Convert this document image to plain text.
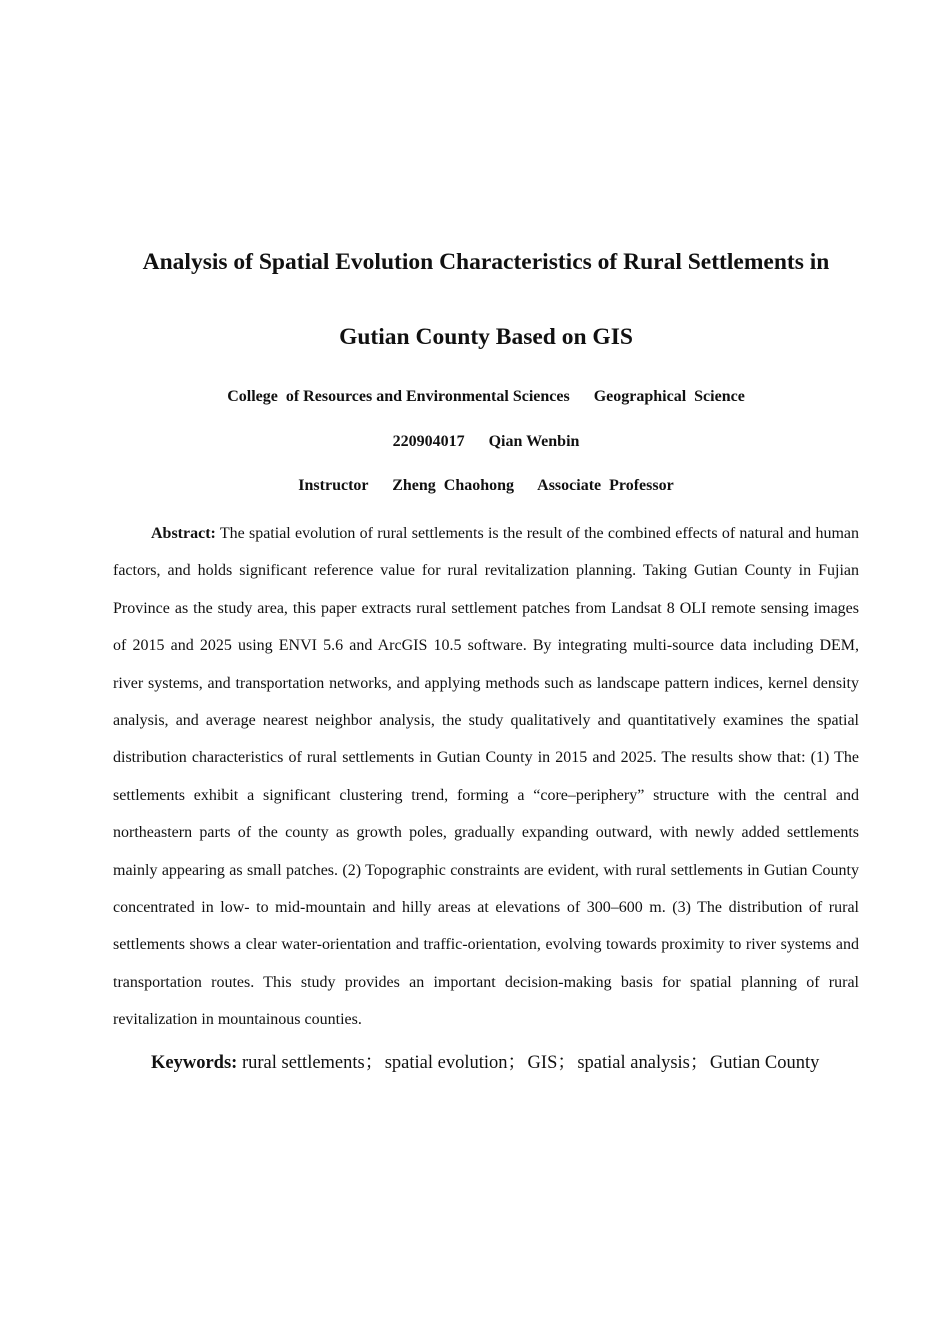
Analysis of Spatial Evolution Characteristics of Rural Settlements in
Gutian County Based on GIS
College  of Resources and Environmental Sciences      Geographical  Science
220904017      Qian Wenbin
Instructor      Zheng  Chaohong      Associate  Professor

Abstract: The spatial evolution of rural settlements is the result of the combined effects of natural and human factors, and holds significant reference value for rural revitalization planning. Taking Gutian County in Fujian Province as the study area, this paper extracts rural settlement patches from Landsat 8 OLI remote sensing images of 2015 and 2025 using ENVI 5.6 and ArcGIS 10.5 software. By integrating multi-source data including DEM, river systems, and transportation networks, and applying methods such as landscape pattern indices, kernel density analysis, and average nearest neighbor analysis, the study qualitatively and quantitatively examines the spatial distribution characteristics of rural settlements in Gutian County in 2015 and 2025. The results show that: (1) The settlements exhibit a significant clustering trend, forming a “core–periphery” structure with the central and northeastern parts of the county as growth poles, gradually expanding outward, with newly added settlements mainly appearing as small patches. (2) Topographic constraints are evident, with rural settlements in Gutian County concentrated in low- to mid-mountain and hilly areas at elevations of 300–600 m. (3) The distribution of rural settlements shows a clear water-orientation and traffic-orientation, evolving towards proximity to river systems and transportation routes. This study provides an important decision-making basis for spatial planning of rural revitalization in mountainous counties.

Keywords: rural settlements；spatial evolution；GIS；spatial analysis；Gutian County
